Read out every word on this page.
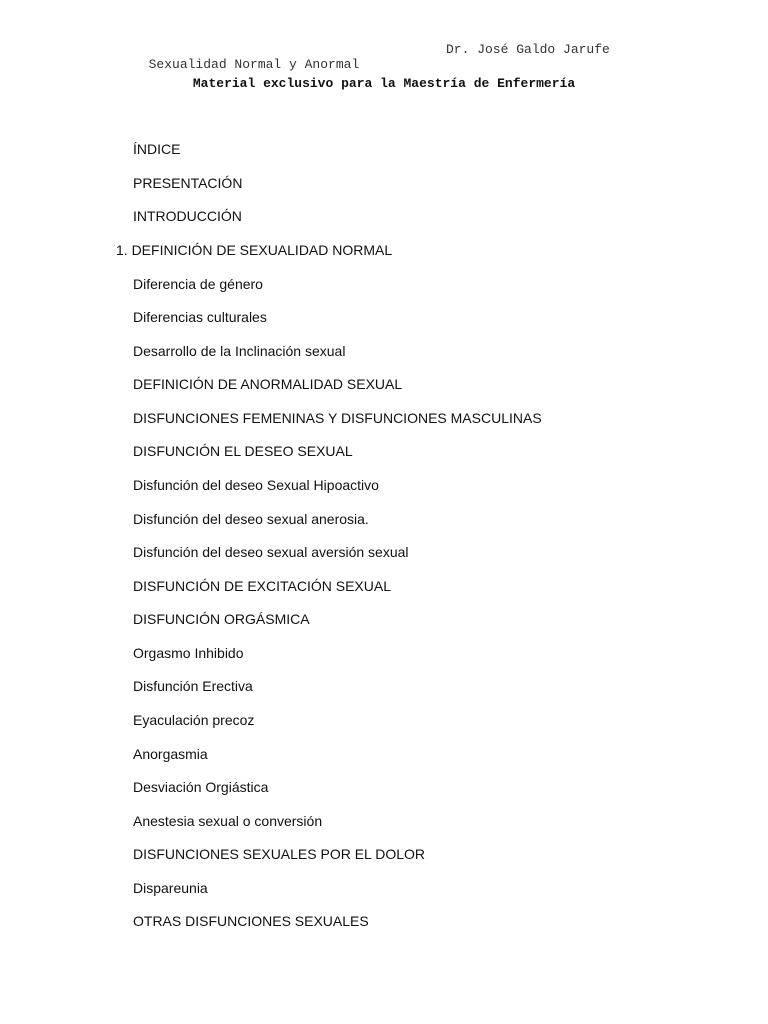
Sexualidad Normal y Anormal

Dr. José Galdo Jarufe

Material exclusivo para la Maestría de Enfermería
ÍNDICE
PRESENTACIÓN
INTRODUCCIÓN
1. DEFINICIÓN DE SEXUALIDAD NORMAL
Diferencia de género
Diferencias culturales
Desarrollo de la Inclinación sexual
DEFINICIÓN DE ANORMALIDAD SEXUAL
DISFUNCIONES FEMENINAS Y DISFUNCIONES MASCULINAS
DISFUNCIÓN EL DESEO SEXUAL
Disfunción del deseo Sexual Hipoactivo
Disfunción del deseo sexual anerosia.
Disfunción del deseo sexual aversión sexual
DISFUNCIÓN DE EXCITACIÓN SEXUAL
DISFUNCIÓN ORGÁSMICA
Orgasmo Inhibido
Disfunción Erectiva
Eyaculación precoz
Anorgasmia
Desviación Orgiástica
Anestesia sexual o conversión
DISFUNCIONES SEXUALES POR EL DOLOR
Dispareunia
OTRAS DISFUNCIONES SEXUALES
